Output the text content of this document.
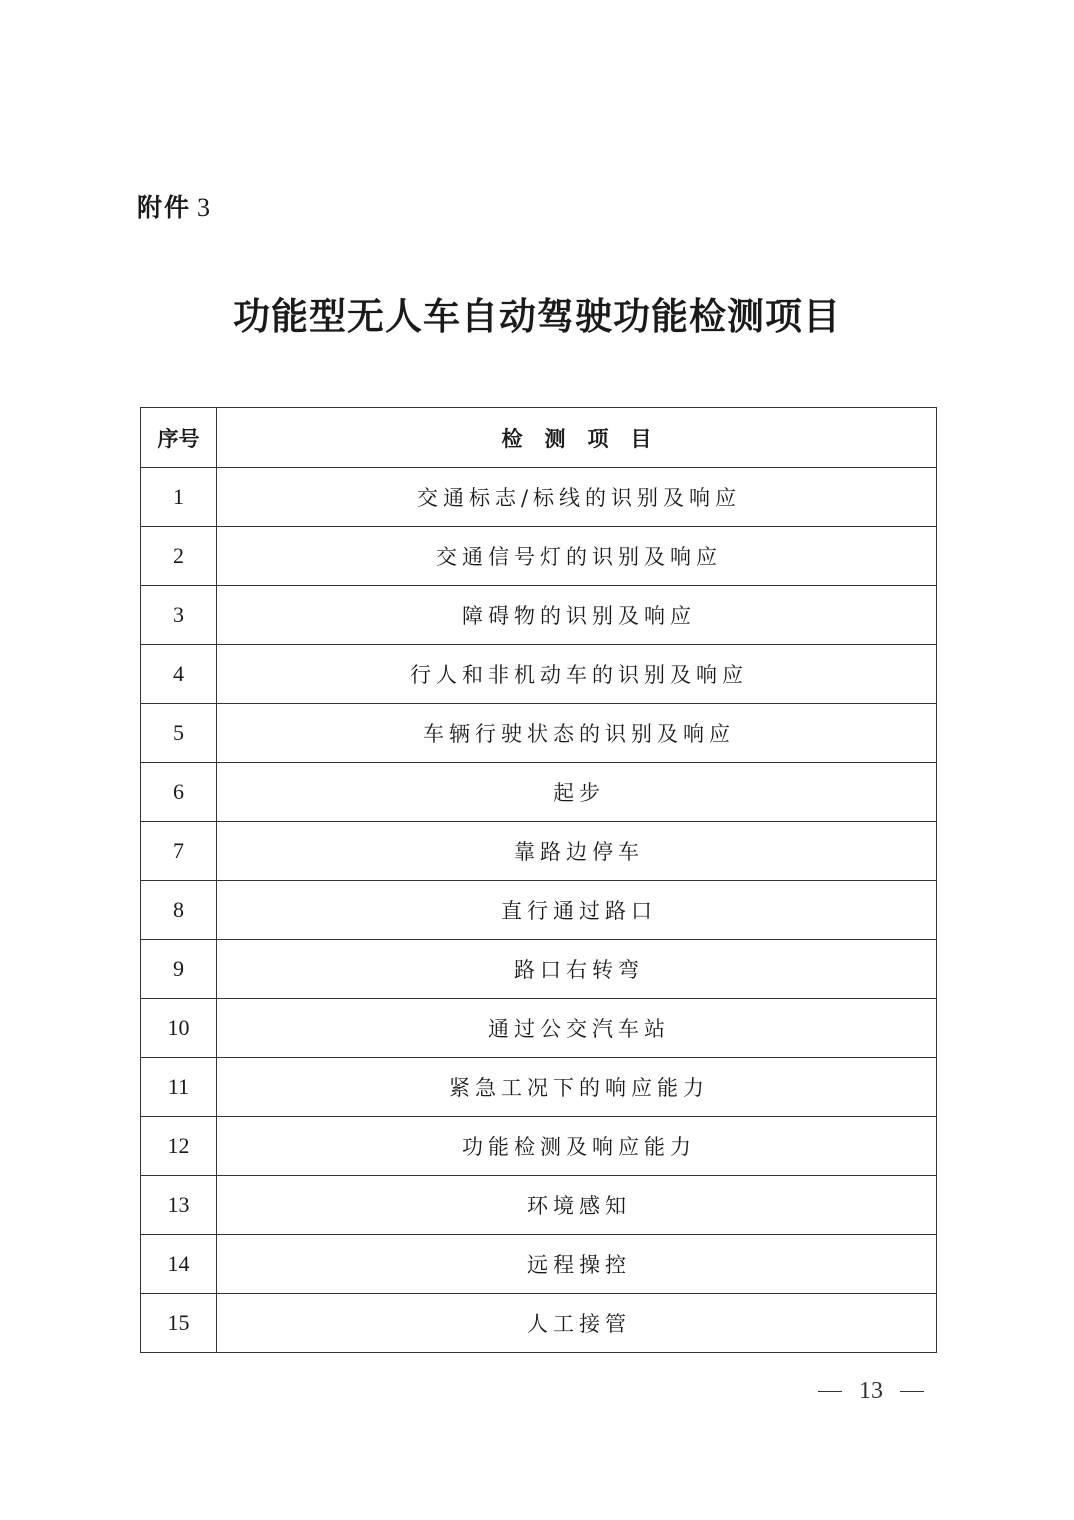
附件 3
功能型无人车自动驾驶功能检测项目
序号	检测项目
1	交通标志/标线的识别及响应
2	交通信号灯的识别及响应
3	障碍物的识别及响应
4	行人和非机动车的识别及响应
5	车辆行驶状态的识别及响应
6	起步
7	靠路边停车
8	直行通过路口
9	路口右转弯
10	通过公交汽车站
11	紧急工况下的响应能力
12	功能检测及响应能力
13	环境感知
14	远程操控
15	人工接管
13
